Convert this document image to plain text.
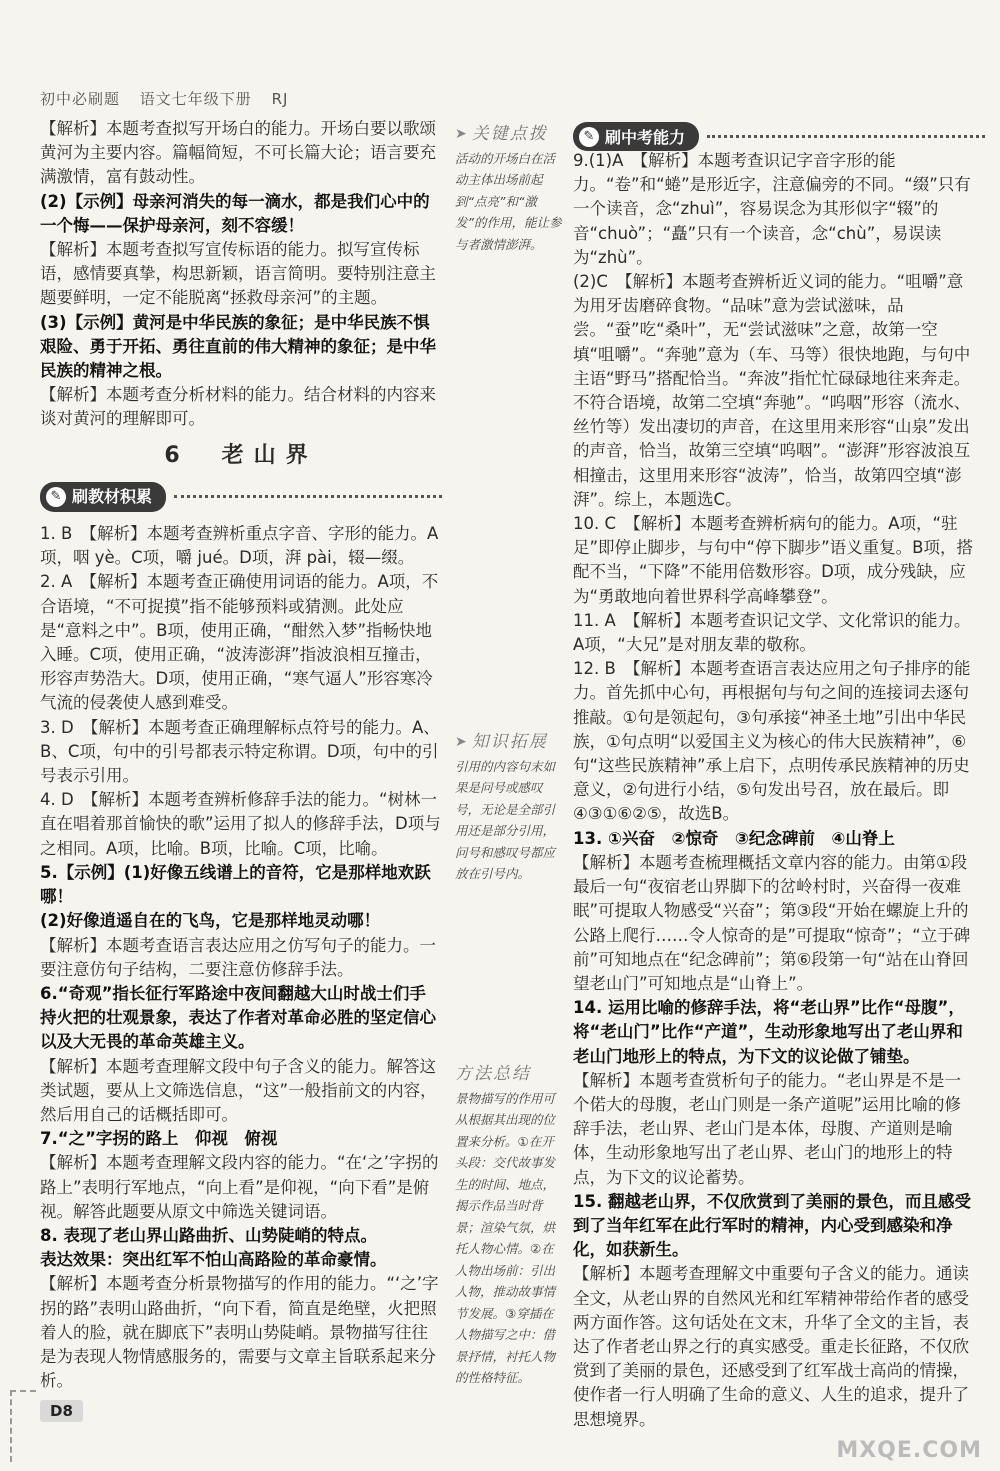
初中必刷题 语文七年级下册 RJ

【解析】本题考查拟写开场白的能力。开场白要以歌颂黄河为主要内容。篇幅简短，不可长篇大论；语言要充满激情，富有鼓动性。

(2)【示例】母亲河消失的每一滴水，都是我们心中的一个悔——保护母亲河，刻不容缓！

【解析】本题考查拟写宣传标语的能力。拟写宣传标语，感情要真挚，构思新颖，语言简明。要特别注意主题要鲜明，一定不能脱离“拯救母亲河”的主题。

(3)【示例】黄河是中华民族的象征；是中华民族不惧艰险、勇于开拓、勇往直前的伟大精神的象征；是中华民族的精神之根。

【解析】本题考查分析材料的能力。结合材料的内容来谈对黄河的理解即可。

6　老山界
✎ 刷教材积累

1. B　【解析】本题考查辨析重点字音、字形的能力。A项，咽 yè。C项，嚼 jué。D项，湃 pài，辍—缀。

2. A　【解析】本题考查正确使用词语的能力。A项，不合语境，“不可捉摸”指不能够预料或猜测。此处应是“意料之中”。B项，使用正确，“酣然入梦”指畅快地入睡。C项，使用正确，“波涛澎湃”指波浪相互撞击，形容声势浩大。D项，使用正确，“寒气逼人”形容寒冷气流的侵袭使人感到难受。

3. D　【解析】本题考查正确理解标点符号的能力。A、B、C项，句中的引号都表示特定称谓。D项，句中的引号表示引用。

4. D　【解析】本题考查辨析修辞手法的能力。“树林一直在唱着那首愉快的歌”运用了拟人的修辞手法，D项与之相同。A项，比喻。B项，比喻。C项，比喻。

5.【示例】(1)好像五线谱上的音符，它是那样地欢跃哪！

(2)好像逍遥自在的飞鸟，它是那样地灵动哪！

【解析】本题考查语言表达应用之仿写句子的能力。一要注意仿句子结构，二要注意仿修辞手法。

6.“奇观”指长征行军路途中夜间翻越大山时战士们手持火把的壮观景象，表达了作者对革命必胜的坚定信心以及大无畏的革命英雄主义。

【解析】本题考查理解文段中句子含义的能力。解答这类试题，要从上文筛选信息，“这”一般指前文的内容，然后用自己的话概括即可。

7.“之”字拐的路上　仰视　俯视

【解析】本题考查理解文段内容的能力。“在‘之’字拐的路上”表明行军地点，“向上看”是仰视，“向下看”是俯视。解答此题要从原文中筛选关键词语。

8. 表现了老山界山路曲折、山势陡峭的特点。

表达效果：突出红军不怕山高路险的革命豪情。

【解析】本题考查分析景物描写的作用的能力。“‘之’字拐的路”表明山路曲折，“向下看，简直是绝壁，火把照着人的脸，就在脚底下”表明山势陡峭。景物描写往往是为表现人物情感服务的，需要与文章主旨联系起来分析。

➤ 关键点拨
活动的开场白在活动主体出场前起到“点亮”和“激发”的作用，能让参与者激情澎湃。
➤ 知识拓展
引用的内容句末如果是问号或感叹号，无论是全部引用还是部分引用，问号和感叹号都应放在引号内。
方法总结
景物描写的作用可从根据其出现的位置来分析。①在开头段：交代故事发生的时间、地点，揭示作品当时背景；渲染气氛，烘托人物心情。②在人物出场前：引出人物，推动故事情节发展。③穿插在人物描写之中：借景抒情，衬托人物的性格特征。
✎ 刷中考能力

9.(1)A　【解析】本题考查识记字音字形的能力。“卷”和“蜷”是形近字，注意偏旁的不同。“缀”只有一个读音，念“zhuì”，容易误念为其形似字“辍”的音“chuò”；“矗”只有一个读音，念“chù”，易误读为“zhù”。

(2)C　【解析】本题考查辨析近义词的能力。“咀嚼”意为用牙齿磨碎食物。“品味”意为尝试滋味，品尝。“蚕”吃“桑叶”，无“尝试滋味”之意，故第一空填“咀嚼”。“奔驰”意为（车、马等）很快地跑，与句中主语“野马”搭配恰当。“奔波”指忙忙碌碌地往来奔走。不符合语境，故第二空填“奔驰”。“呜咽”形容（流水、丝竹等）发出凄切的声音，在这里用来形容“山泉”发出的声音，恰当，故第三空填“呜咽”。“澎湃”形容波浪互相撞击，这里用来形容“波涛”，恰当，故第四空填“澎湃”。综上，本题选C。

10. C　【解析】本题考查辨析病句的能力。A项，“驻足”即停止脚步，与句中“停下脚步”语义重复。B项，搭配不当，“下降”不能用倍数形容。D项，成分残缺，应为“勇敢地向着世界科学高峰攀登”。

11. A　【解析】本题考查识记文学、文化常识的能力。A项，“大兄”是对朋友辈的敬称。

12. B　【解析】本题考查语言表达应用之句子排序的能力。首先抓中心句，再根据句与句之间的连接词去逐句推敲。①句是领起句，③句承接“神圣土地”引出中华民族，①句点明“以爱国主义为核心的伟大民族精神”，⑥句“这些民族精神”承上启下，点明传承民族精神的历史意义，②句进行小结，⑤句发出号召，放在最后。即④③①⑥②⑤，故选B。

13. ①兴奋　②惊奇　③纪念碑前　④山脊上

【解析】本题考查梳理概括文章内容的能力。由第①段最后一句“夜宿老山界脚下的岔岭村时，兴奋得一夜难眠”可提取人物感受“兴奋”；第③段“开始在螺旋上升的公路上爬行……令人惊奇的是”可提取“惊奇”；“立于碑前”可知地点在“纪念碑前”；第⑥段第一句“站在山脊回望老山门”可知地点是“山脊上”。

14. 运用比喻的修辞手法，将“老山界”比作“母腹”，将“老山门”比作“产道”，生动形象地写出了老山界和老山门地形上的特点，为下文的议论做了铺垫。

【解析】本题考查赏析句子的能力。“老山界是不是一个偌大的母腹，老山门则是一条产道呢”运用比喻的修辞手法，老山界、老山门是本体，母腹、产道则是喻体，生动形象地写出了老山界、老山门的地形上的特点，为下文的议论蓄势。

15. 翻越老山界，不仅欣赏到了美丽的景色，而且感受到了当年红军在此行军时的精神，内心受到感染和净化，如获新生。

【解析】本题考查理解文中重要句子含义的能力。通读全文，从老山界的自然风光和红军精神带给作者的感受两方面作答。这句话处在文末，升华了全文的主旨，表达了作者老山界之行的真实感受。重走长征路，不仅欣赏到了美丽的景色，还感受到了红军战士高尚的情操，使作者一行人明确了生命的意义、人生的追求，提升了思想境界。

D8
MXQE.COM
